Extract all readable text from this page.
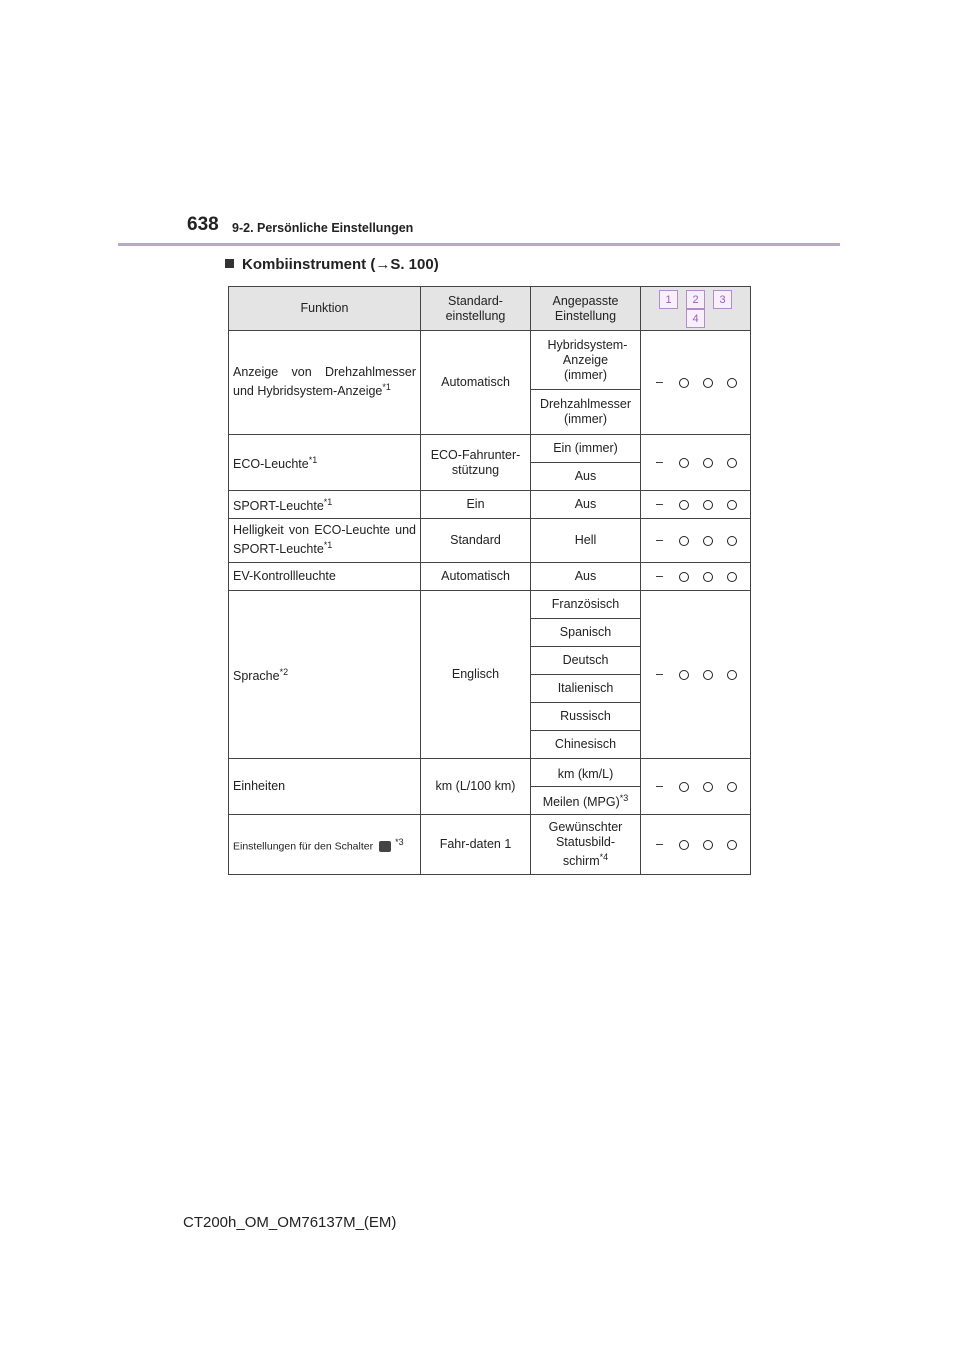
638 9-2. Persönliche Einstellungen
Kombiinstrument (→S. 100)
Funktion	Standard-einstellung	Angepasste Einstellung	1 2 34
Anzeige von Drehzahlmesser und Hybridsystem-Anzeige$^{*1}$	Automatisch	Hybridsystem-Anzeige (immer)	–
		Drehzahlmesser (immer)	
ECO-Leuchte$^{*1}$	ECO-Fahrunter-stützung	Ein (immer)	–
		Aus	
SPORT-Leuchte$^{*1}$	Ein	Aus	–
Helligkeit von ECO-Leuchte und SPORT-Leuchte$^{*1}$	Standard	Hell	–
EV-Kontrollleuchte	Automatisch	Aus	–
Sprache$^{*2}$	Englisch	Französisch	–
		Spanisch	
		Deutsch	
		Italienisch	
		Russisch	
		Chinesisch	
Einheiten	km (L/100 km)	km (km/L)	–
		Meilen (MPG)$^{*3}$
Einstellungen für den Schalter $^{*3}$	Fahr-daten 1	Gewünschter Statusbild-schirm$^{*4}$	–
CT200h_OM_OM76137M_(EM)
